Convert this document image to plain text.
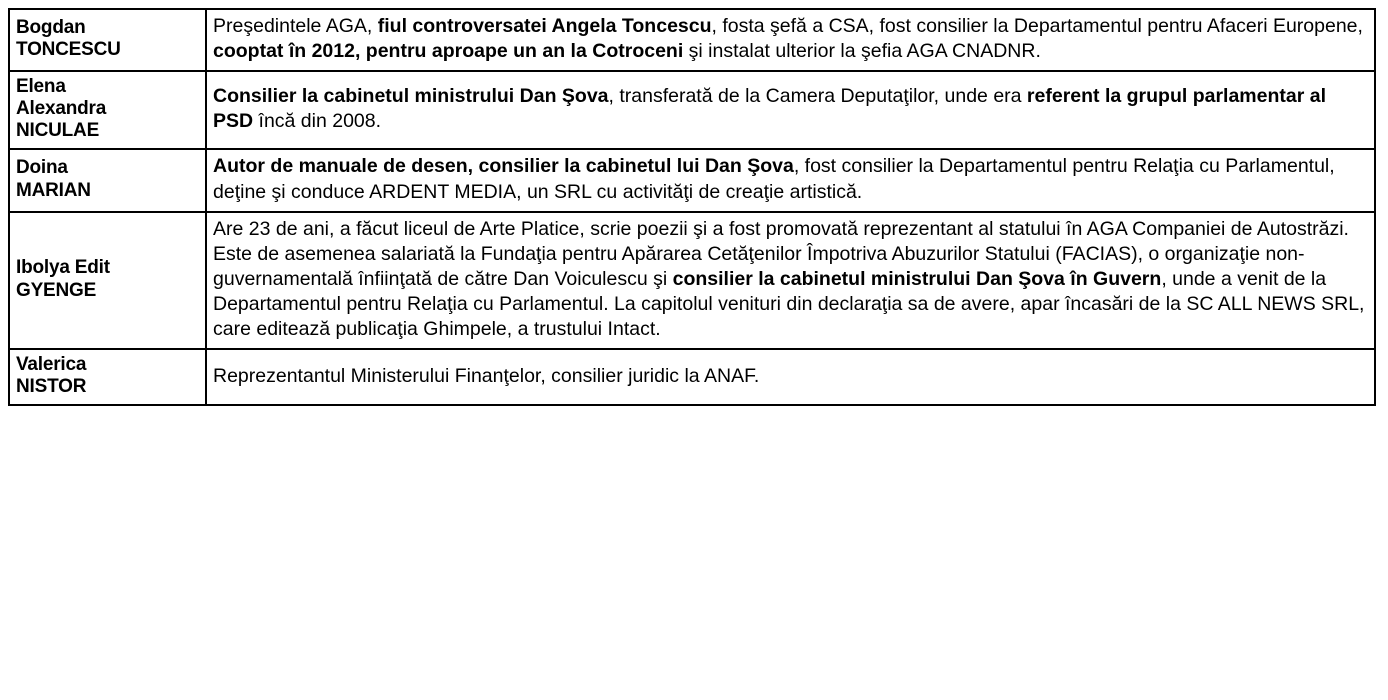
Bogdan
TONCESCU	Preşedintele AGA, fiul controversatei Angela Toncescu, fosta şefă a CSA, fost consilier la Departamentul pentru Afaceri Europene, cooptat în 2012, pentru aproape un an la Cotroceni şi instalat ulterior la şefia AGA CNADNR.

Elena
Alexandra
NICULAE	Consilier la cabinetul ministrului Dan Şova, transferată de la Camera Deputaţilor, unde era referent la grupul parlamentar al PSD încă din 2008.

Doina
MARIAN	Autor de manuale de desen, consilier la cabinetul lui Dan Şova, fost consilier la Departamentul pentru Relaţia cu Parlamentul, deţine şi conduce ARDENT MEDIA, un SRL cu activităţi de creaţie artistică.

Ibolya Edit
GYENGE	Are 23 de ani, a făcut liceul de Arte Platice, scrie poezii şi a fost promovată reprezentant al statului în AGA Companiei de Autostrăzi. Este de asemenea salariată la Fundaţia pentru Apărarea Cetăţenilor Împotriva Abuzurilor Statului (FACIAS), o organizaţie non-guvernamentală înfiinţată de către Dan Voiculescu şi consilier la cabinetul ministrului Dan Şova în Guvern, unde a venit de la Departamentul pentru Relaţia cu Parlamentul. La capitolul venituri din declaraţia sa de avere, apar încasări de la SC ALL NEWS SRL, care editează publicaţia Ghimpele, a trustului Intact.

Valerica
NISTOR	Reprezentantul Ministerului Finanţelor, consilier juridic la ANAF.
